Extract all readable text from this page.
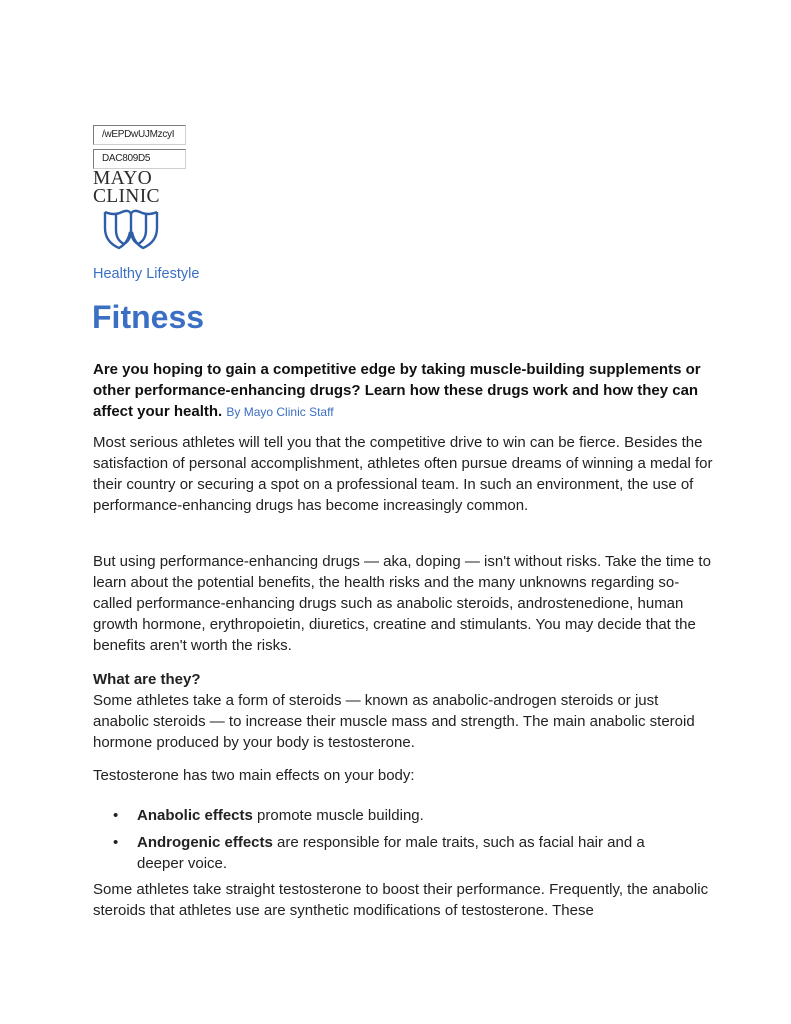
/wEPDwUJMzcyI
DAC809D5
MAYO
CLINIC
Healthy Lifestyle
Fitness

Are you hoping to gain a competitive edge by taking muscle-building supplements or other performance-enhancing drugs? Learn how these drugs work and how they can affect your health. By Mayo Clinic Staff

Most serious athletes will tell you that the competitive drive to win can be fierce. Besides the satisfaction of personal accomplishment, athletes often pursue dreams of winning a medal for their country or securing a spot on a professional team. In such an environment, the use of performance-enhancing drugs has become increasingly common.

But using performance-enhancing drugs — aka, doping — isn't without risks. Take the time to learn about the potential benefits, the health risks and the many unknowns regarding so-called performance-enhancing drugs such as anabolic steroids, androstenedione, human growth hormone, erythropoietin, diuretics, creatine and stimulants. You may decide that the benefits aren't worth the risks.

What are they?

Some athletes take a form of steroids — known as anabolic-androgen steroids or just anabolic steroids — to increase their muscle mass and strength. The main anabolic steroid hormone produced by your body is testosterone.

Testosterone has two main effects on your body:

• Anabolic effects promote muscle building.
• Androgenic effects are responsible for male traits, such as facial hair and a deeper voice.

Some athletes take straight testosterone to boost their performance. Frequently, the anabolic steroids that athletes use are synthetic modifications of testosterone. These
